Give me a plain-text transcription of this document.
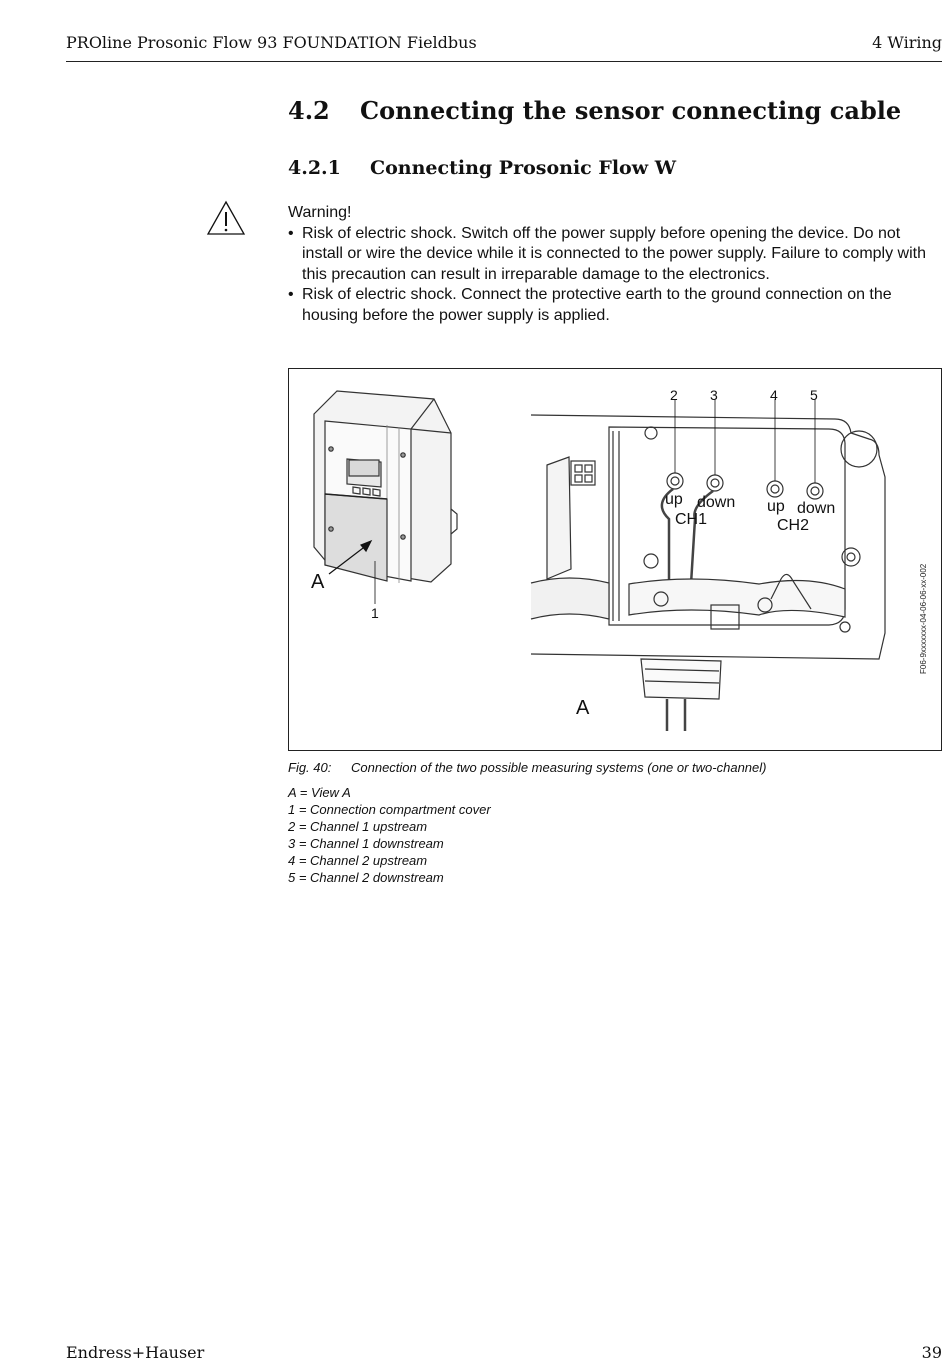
PROline Prosonic Flow 93 FOUNDATION Fieldbus	4 Wiring
4.2 Connecting the sensor connecting cable
4.2.1 Connecting Prosonic Flow W
Warning!
• Risk of electric shock. Switch off the power supply before opening the device. Do not install or wire the device while it is connected to the power supply. Failure to comply with this precaution can result in irreparable damage to the electronics.
• Risk of electric shock. Connect the protective earth to the ground connection on the housing before the power supply is applied.
A
1
2 3	4 5
up down
CH1
up down
CH2
A
F06-9xxxxxxx-04-06-06-xx-002
Fig. 40: Connection of the two possible measuring systems (one or two-channel)
A = View A
1 = Connection compartment cover
2 = Channel 1 upstream
3 = Channel 1 downstream
4 = Channel 2 upstream
5 = Channel 2 downstream
Endress+Hauser	39
